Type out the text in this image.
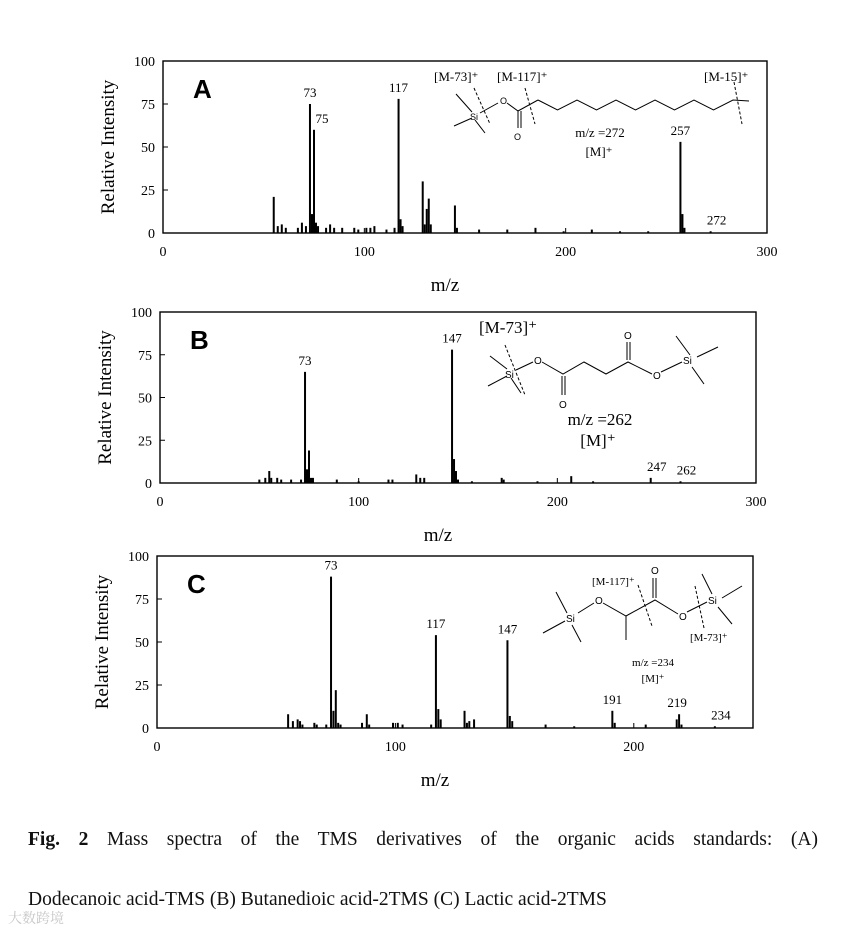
0
25
50
75
100
0	100	200	300
m/z
Relative Intensity	A	73
75
117
257
272
0
25
50
75
100
0	100	200	300
m/z
Relative Intensity	B
73
147
247 262
0
25
50
75
100
0	100	200
m/z
Relative Intensity	C
73
117	147
191	219
234
Si
O
O
[M-73]⁺ [M-117]⁺	[M-15]⁺
m/z =272
[M]⁺
Si
O
O
O
O
Si
[M-73]⁺
m/z =262
[M]⁺
Si
O
O
O
Si
[M-117]⁺
[M-73]⁺
m/z =234
[M]⁺
Fig. 2 Mass spectra of the TMS derivatives of the organic acids standards: (A)
Dodecanoic acid-TMS (B) Butanedioic acid-2TMS (C) Lactic acid-2TMS
大数跨境
